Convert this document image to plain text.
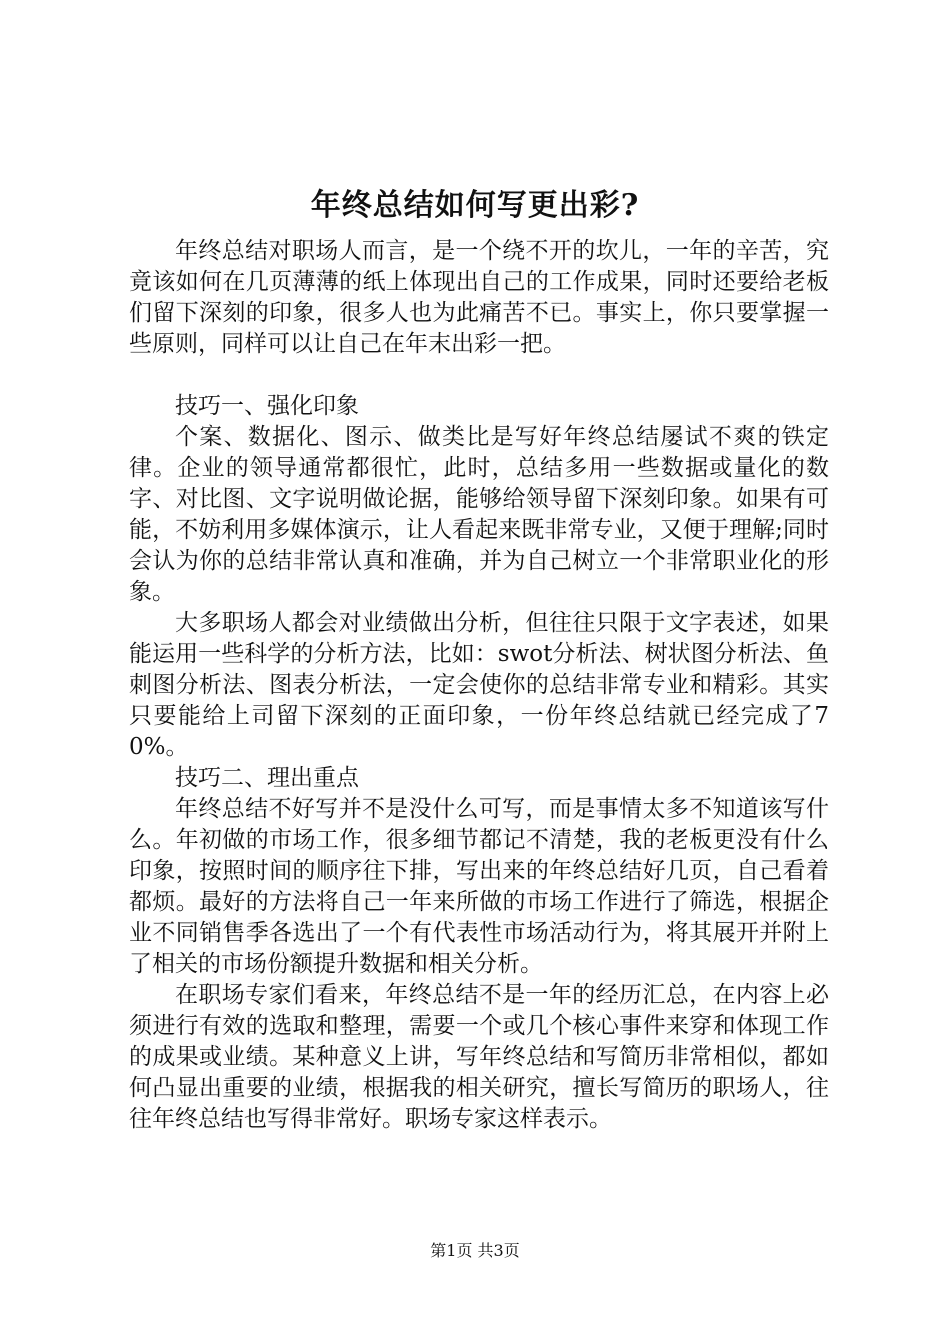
年终总结如何写更出彩?

年终总结对职场人而言，是一个绕不开的坎儿，一年的辛苦，究竟该如何在几页薄薄的纸上体现出自己的工作成果，同时还要给老板们留下深刻的印象，很多人也为此痛苦不已。事实上，你只要掌握一些原则，同样可以让自己在年末出彩一把。

技巧一、强化印象

个案、数据化、图示、做类比是写好年终总结屡试不爽的铁定律。企业的领导通常都很忙，此时，总结多用一些数据或量化的数字、对比图、文字说明做论据，能够给领导留下深刻印象。如果有可能，不妨利用多媒体演示，让人看起来既非常专业，又便于理解;同时会认为你的总结非常认真和准确，并为自己树立一个非常职业化的形象。

大多职场人都会对业绩做出分析，但往往只限于文字表述，如果能运用一些科学的分析方法，比如：swot分析法、树状图分析法、鱼刺图分析法、图表分析法，一定会使你的总结非常专业和精彩。其实只要能给上司留下深刻的正面印象，一份年终总结就已经完成了70%。

技巧二、理出重点

年终总结不好写并不是没什么可写，而是事情太多不知道该写什么。年初做的市场工作，很多细节都记不清楚，我的老板更没有什么印象，按照时间的顺序往下排，写出来的年终总结好几页，自己看着都烦。最好的方法将自己一年来所做的市场工作进行了筛选，根据企业不同销售季各选出了一个有代表性市场活动行为，将其展开并附上了相关的市场份额提升数据和相关分析。

在职场专家们看来，年终总结不是一年的经历汇总，在内容上必须进行有效的选取和整理，需要一个或几个核心事件来穿和体现工作的成果或业绩。某种意义上讲，写年终总结和写简历非常相似，都如何凸显出重要的业绩，根据我的相关研究，擅长写简历的职场人，往往年终总结也写得非常好。职场专家这样表示。

第1页 共3页
